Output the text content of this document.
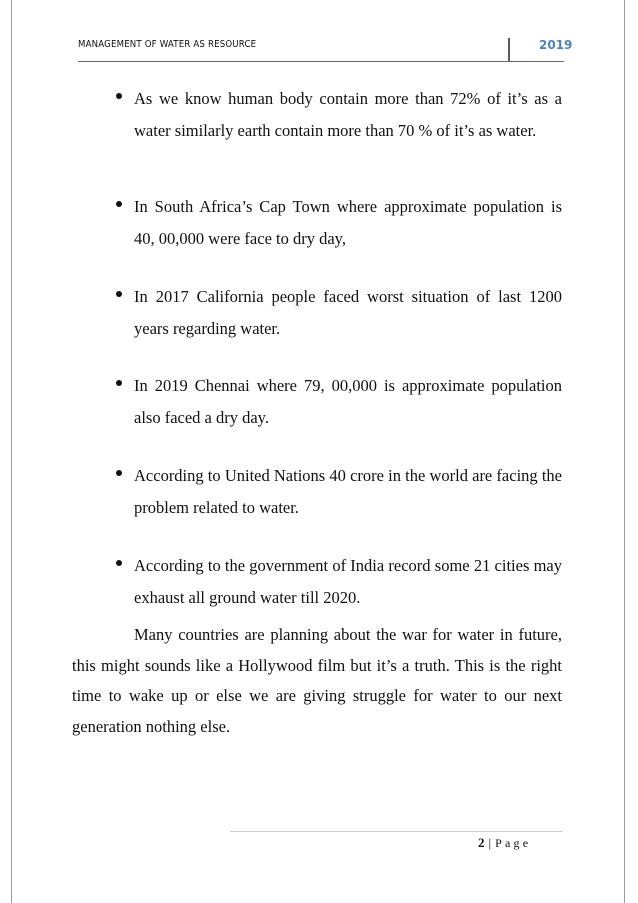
MANAGEMENT OF WATER AS RESOURCE	2019
As we know human body contain more than 72% of it’s as a water similarly earth contain more than 70 % of it’s as water.
In South Africa’s Cap Town where approximate population is 40, 00,000 were face to dry day,
In 2017 California people faced worst situation of last 1200 years regarding water.
In 2019 Chennai where 79, 00,000 is approximate population also faced a dry day.
According to United Nations 40 crore in the world are facing the problem related to water.
According to the government of India record some 21 cities may exhaust all ground water till 2020.

Many countries are planning about the war for water in future, this might sounds like a Hollywood film but it’s a truth. This is the right time to wake up or else we are giving struggle for water to our next generation nothing else.

2 | Page
